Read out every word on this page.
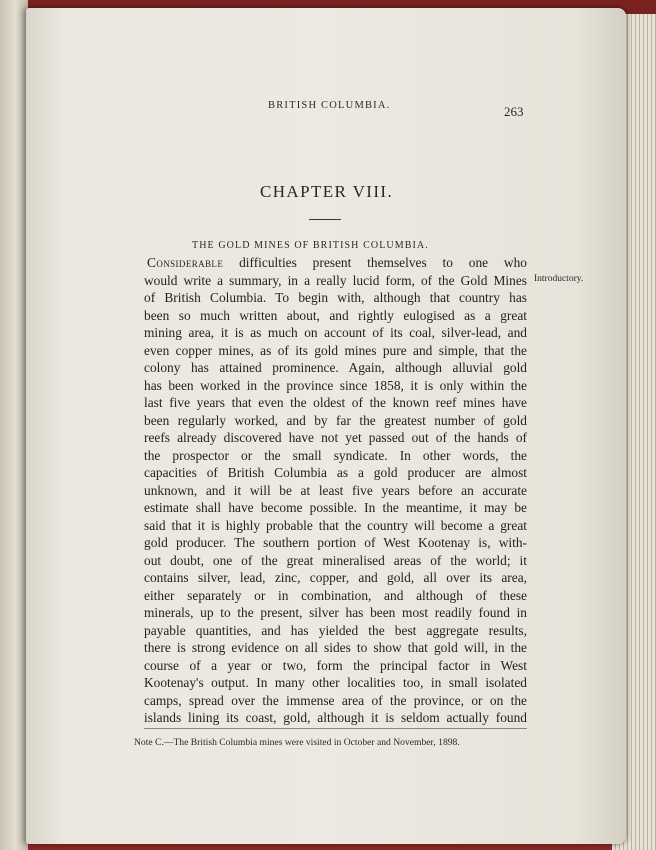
BRITISH COLUMBIA.	263
CHAPTER VIII.
THE GOLD MINES OF BRITISH COLUMBIA.
Introductory.
Considerable difficulties present themselves to one who
would write a summary, in a really lucid form, of the Gold Mines
of British Columbia. To begin with, although that country has
been so much written about, and rightly eulogised as a great
mining area, it is as much on account of its coal, silver-lead, and
even copper mines, as of its gold mines pure and simple, that the
colony has attained prominence. Again, although alluvial gold
has been worked in the province since 1858, it is only within the
last five years that even the oldest of the known reef mines have
been regularly worked, and by far the greatest number of gold
reefs already discovered have not yet passed out of the hands of
the prospector or the small syndicate. In other words, the
capacities of British Columbia as a gold producer are almost
unknown, and it will be at least five years before an accurate
estimate shall have become possible. In the meantime, it may be
said that it is highly probable that the country will become a great
gold producer. The southern portion of West Kootenay is, with-
out doubt, one of the great mineralised areas of the world; it
contains silver, lead, zinc, copper, and gold, all over its area,
either separately or in combination, and although of these
minerals, up to the present, silver has been most readily found in
payable quantities, and has yielded the best aggregate results,
there is strong evidence on all sides to show that gold will, in the
course of a year or two, form the principal factor in West
Kootenay's output. In many other localities too, in small isolated
camps, spread over the immense area of the province, or on the
islands lining its coast, gold, although it is seldom actually found
Note C.—The British Columbia mines were visited in October and November, 1898.
